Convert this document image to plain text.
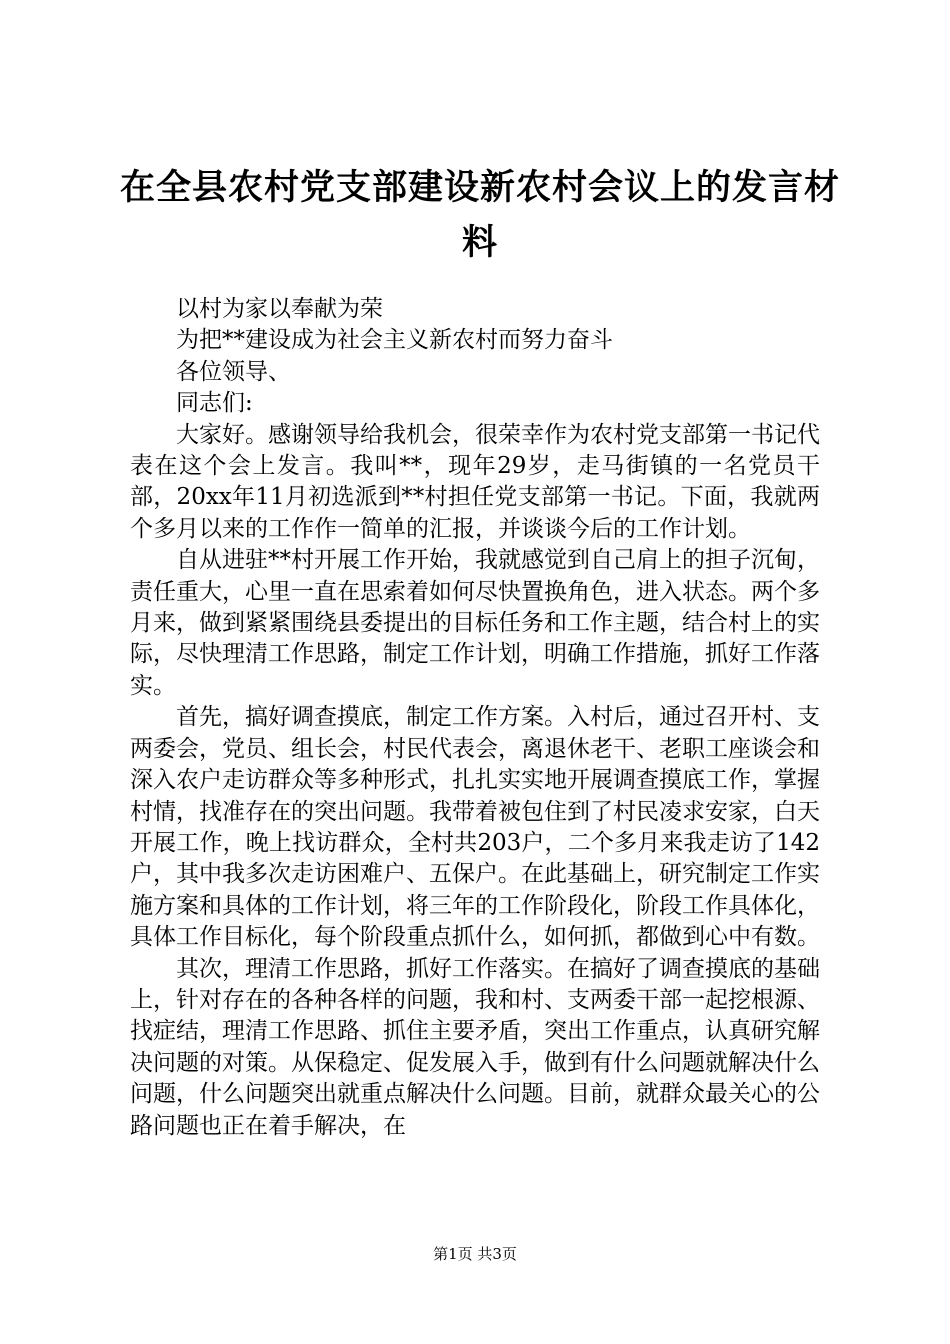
在全县农村党支部建设新农村会议上的发言材料

以村为家以奉献为荣

为把**建设成为社会主义新农村而努力奋斗

各位领导、

同志们:

大家好。感谢领导给我机会，很荣幸作为农村党支部第一书记代表在这个会上发言。我叫**，现年29岁，走马街镇的一名党员干部，20xx年11月初选派到**村担任党支部第一书记。下面，我就两个多月以来的工作作一简单的汇报，并谈谈今后的工作计划。

自从进驻**村开展工作开始，我就感觉到自己肩上的担子沉甸，责任重大，心里一直在思索着如何尽快置换角色，进入状态。两个多月来，做到紧紧围绕县委提出的目标任务和工作主题，结合村上的实际，尽快理清工作思路，制定工作计划，明确工作措施，抓好工作落实。

首先，搞好调查摸底，制定工作方案。入村后，通过召开村、支两委会，党员、组长会，村民代表会，离退休老干、老职工座谈会和深入农户走访群众等多种形式，扎扎实实地开展调查摸底工作，掌握村情，找准存在的突出问题。我带着被包住到了村民凌求安家，白天开展工作，晚上找访群众，全村共203户，二个多月来我走访了142户，其中我多次走访困难户、五保户。在此基础上，研究制定工作实施方案和具体的工作计划，将三年的工作阶段化，阶段工作具体化，具体工作目标化，每个阶段重点抓什么，如何抓，都做到心中有数。

其次，理清工作思路，抓好工作落实。在搞好了调查摸底的基础上，针对存在的各种各样的问题，我和村、支两委干部一起挖根源、找症结，理清工作思路、抓住主要矛盾，突出工作重点，认真研究解决问题的对策。从保稳定、促发展入手，做到有什么问题就解决什么问题，什么问题突出就重点解决什么问题。目前，就群众最关心的公路问题也正在着手解决，在

第1页 共3页
